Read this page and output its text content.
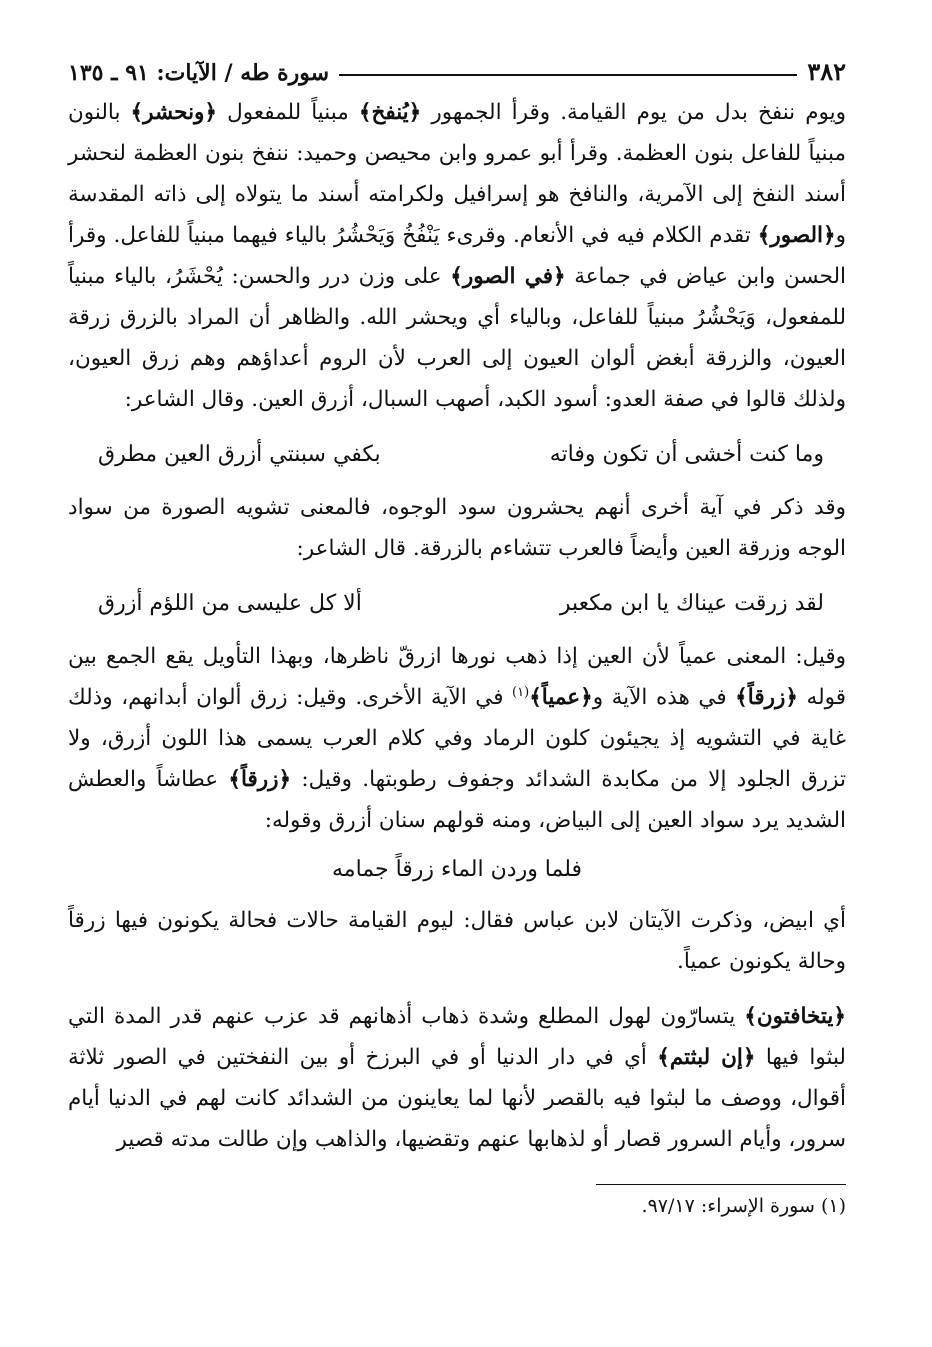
٣٨٢
سورة طه / الآيات: ٩١ ـ ١٣٥

ويوم ننفخ بدل من يوم القيامة. وقرأ الجمهور ﴿يُنفخ﴾ مبنياً للمفعول ﴿ونحشر﴾ بالنون مبنياً للفاعل بنون العظمة. وقرأ أبو عمرو وابن محيصن وحميد: ننفخ بنون العظمة لنحشر أسند النفخ إلى الآمرية، والنافخ هو إسرافيل ولكرامته أسند ما يتولاه إلى ذاته المقدسة و﴿الصور﴾ تقدم الكلام فيه في الأنعام. وقرىء يَنْفُخُ وَيَحْشُرُ بالياء فيهما مبنياً للفاعل. وقرأ الحسن وابن عياض في جماعة ﴿في الصور﴾ على وزن درر والحسن: يُحْشَرُ، بالياء مبنياً للمفعول، وَيَحْشُرُ مبنياً للفاعل، وبالياء أي ويحشر الله. والظاهر أن المراد بالزرق زرقة العيون، والزرقة أبغض ألوان العيون إلى العرب لأن الروم أعداؤهم وهم زرق العيون، ولذلك قالوا في صفة العدو: أسود الكبد، أصهب السبال، أزرق العين. وقال الشاعر:

وما كنت أخشى أن تكون وفاته
بكفي سبنتي أزرق العين مطرق

وقد ذكر في آية أخرى أنهم يحشرون سود الوجوه، فالمعنى تشويه الصورة من سواد الوجه وزرقة العين وأيضاً فالعرب تتشاءم بالزرقة. قال الشاعر:

لقد زرقت عيناك يا ابن مكعبر
ألا كل عليسى من اللؤم أزرق

وقيل: المعنى عمياً لأن العين إذا ذهب نورها ازرقّ ناظرها، وبهذا التأويل يقع الجمع بين قوله ﴿زرقاً﴾ في هذه الآية و﴿عمياً﴾$^{(١)}$ في الآية الأخرى. وقيل: زرق ألوان أبدانهم، وذلك غاية في التشويه إذ يجيئون كلون الرماد وفي كلام العرب يسمى هذا اللون أزرق، ولا تزرق الجلود إلا من مكابدة الشدائد وجفوف رطوبتها. وقيل: ﴿زرقاً﴾ عطاشاً والعطش الشديد يرد سواد العين إلى البياض، ومنه قولهم سنان أزرق وقوله:

فلما وردن الماء زرقاً جمامه

أي ابيض، وذكرت الآيتان لابن عباس فقال: ليوم القيامة حالات فحالة يكونون فيها زرقاً وحالة يكونون عمياً.

﴿يتخافتون﴾ يتسارّون لهول المطلع وشدة ذهاب أذهانهم قد عزب عنهم قدر المدة التي لبثوا فيها ﴿إن لبثتم﴾ أي في دار الدنيا أو في البرزخ أو بين النفختين في الصور ثلاثة أقوال، ووصف ما لبثوا فيه بالقصر لأنها لما يعاينون من الشدائد كانت لهم في الدنيا أيام سرور، وأيام السرور قصار أو لذهابها عنهم وتقضيها، والذاهب وإن طالت مدته قصير

(١) سورة الإسراء: ٩٧/١٧.
